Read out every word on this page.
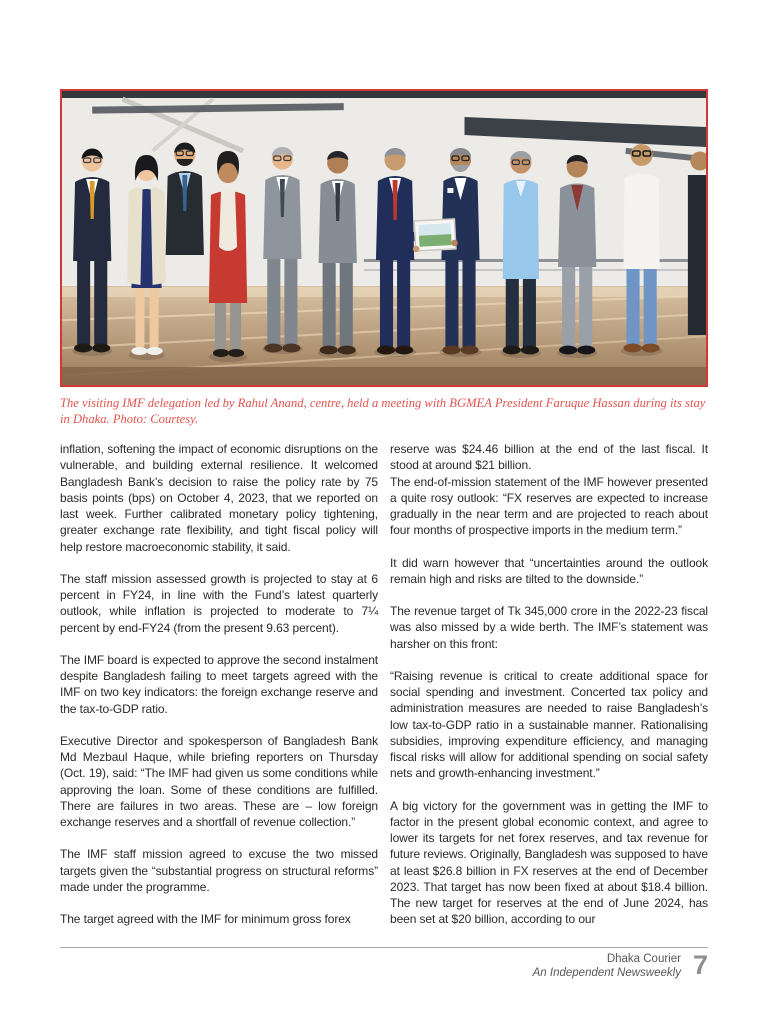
The visiting IMF delegation led by Rahul Anand, centre, held a meeting with BGMEA President Faruque Hassan during its stay in Dhaka. Photo: Courtesy.

inflation, softening the impact of economic disruptions on the vulnerable, and building external resilience. It welcomed Bangladesh Bank’s decision to raise the policy rate by 75 basis points (bps) on October 4, 2023, that we reported on last week. Further calibrated monetary policy tightening, greater exchange rate flexibility, and tight fiscal policy will help restore macroeconomic stability, it said.

The staff mission assessed growth is projected to stay at 6 percent in FY24, in line with the Fund’s latest quarterly outlook, while inflation is projected to moderate to 7¼ percent by end-FY24 (from the present 9.63 percent).

The IMF board is expected to approve the second instalment despite Bangladesh failing to meet targets agreed with the IMF on two key indicators: the foreign exchange reserve and the tax-to-GDP ratio.

Executive Director and spokesperson of Bangladesh Bank Md Mezbaul Haque, while briefing reporters on Thursday (Oct. 19), said: “The IMF had given us some conditions while approving the loan. Some of these conditions are fulfilled. There are failures in two areas. These are – low foreign exchange reserves and a shortfall of revenue collection.”

The IMF staff mission agreed to excuse the two missed targets given the “substantial progress on structural reforms” made under the programme.

The target agreed with the IMF for minimum gross forex

reserve was $24.46 billion at the end of the last fiscal. It stood at around $21 billion.

The end-of-mission statement of the IMF however presented a quite rosy outlook: “FX reserves are expected to increase gradually in the near term and are projected to reach about four months of prospective imports in the medium term.”

It did warn however that “uncertainties around the outlook remain high and risks are tilted to the downside.”

The revenue target of Tk 345,000 crore in the 2022-23 fiscal was also missed by a wide berth. The IMF’s statement was harsher on this front:

“Raising revenue is critical to create additional space for social spending and investment. Concerted tax policy and administration measures are needed to raise Bangladesh’s low tax-to-GDP ratio in a sustainable manner. Rationalising subsidies, improving expenditure efficiency, and managing fiscal risks will allow for additional spending on social safety nets and growth-enhancing investment.”

A big victory for the government was in getting the IMF to factor in the present global economic context, and agree to lower its targets for net forex reserves, and tax revenue for future reviews. Originally, Bangladesh was supposed to have at least $26.8 billion in FX reserves at the end of December 2023. That target has now been fixed at about $18.4 billion. The new target for reserves at the end of June 2024, has been set at $20 billion, according to our

Dhaka Courier
An Independent Newsweekly 7
